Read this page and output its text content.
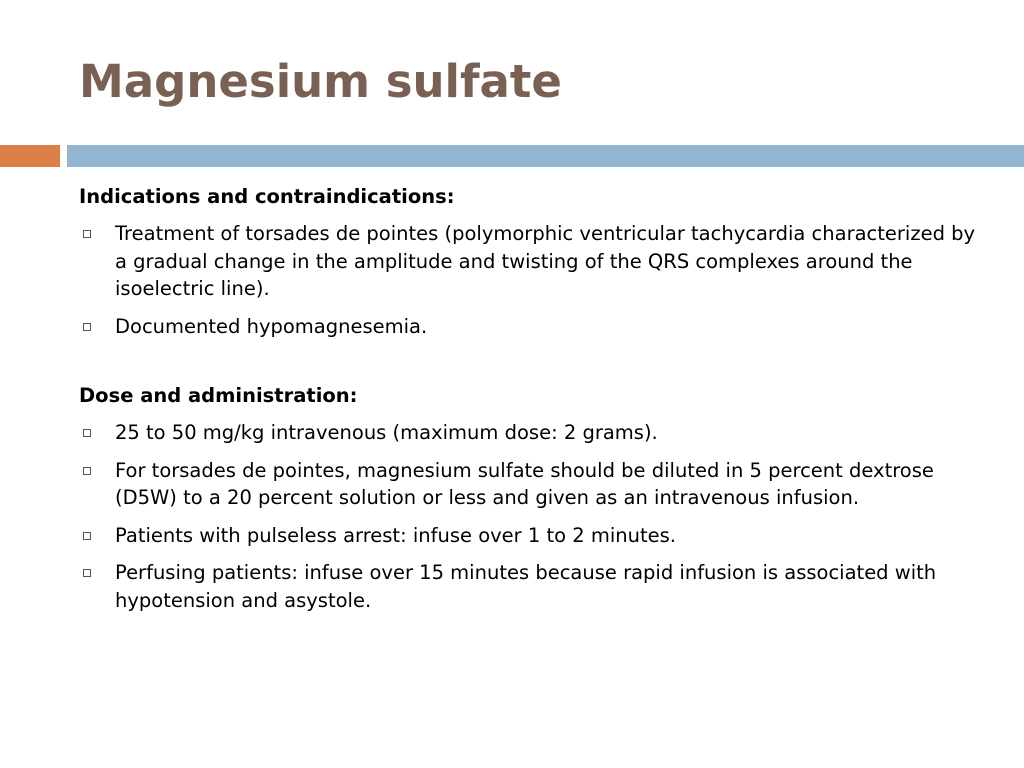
Magnesium sulfate

Indications and contraindications:

Treatment of torsades de pointes (polymorphic ventricular tachycardia characterized by a gradual change in the amplitude and twisting of the QRS complexes around the isoelectric line).
Documented hypomagnesemia.

Dose and administration:

25 to 50 mg/kg intravenous (maximum dose: 2 grams).
For torsades de pointes, magnesium sulfate should be diluted in 5 percent dextrose (D5W) to a 20 percent solution or less and given as an intravenous infusion.
Patients with pulseless arrest: infuse over 1 to 2 minutes.
Perfusing patients: infuse over 15 minutes because rapid infusion is associated with hypotension and asystole.
